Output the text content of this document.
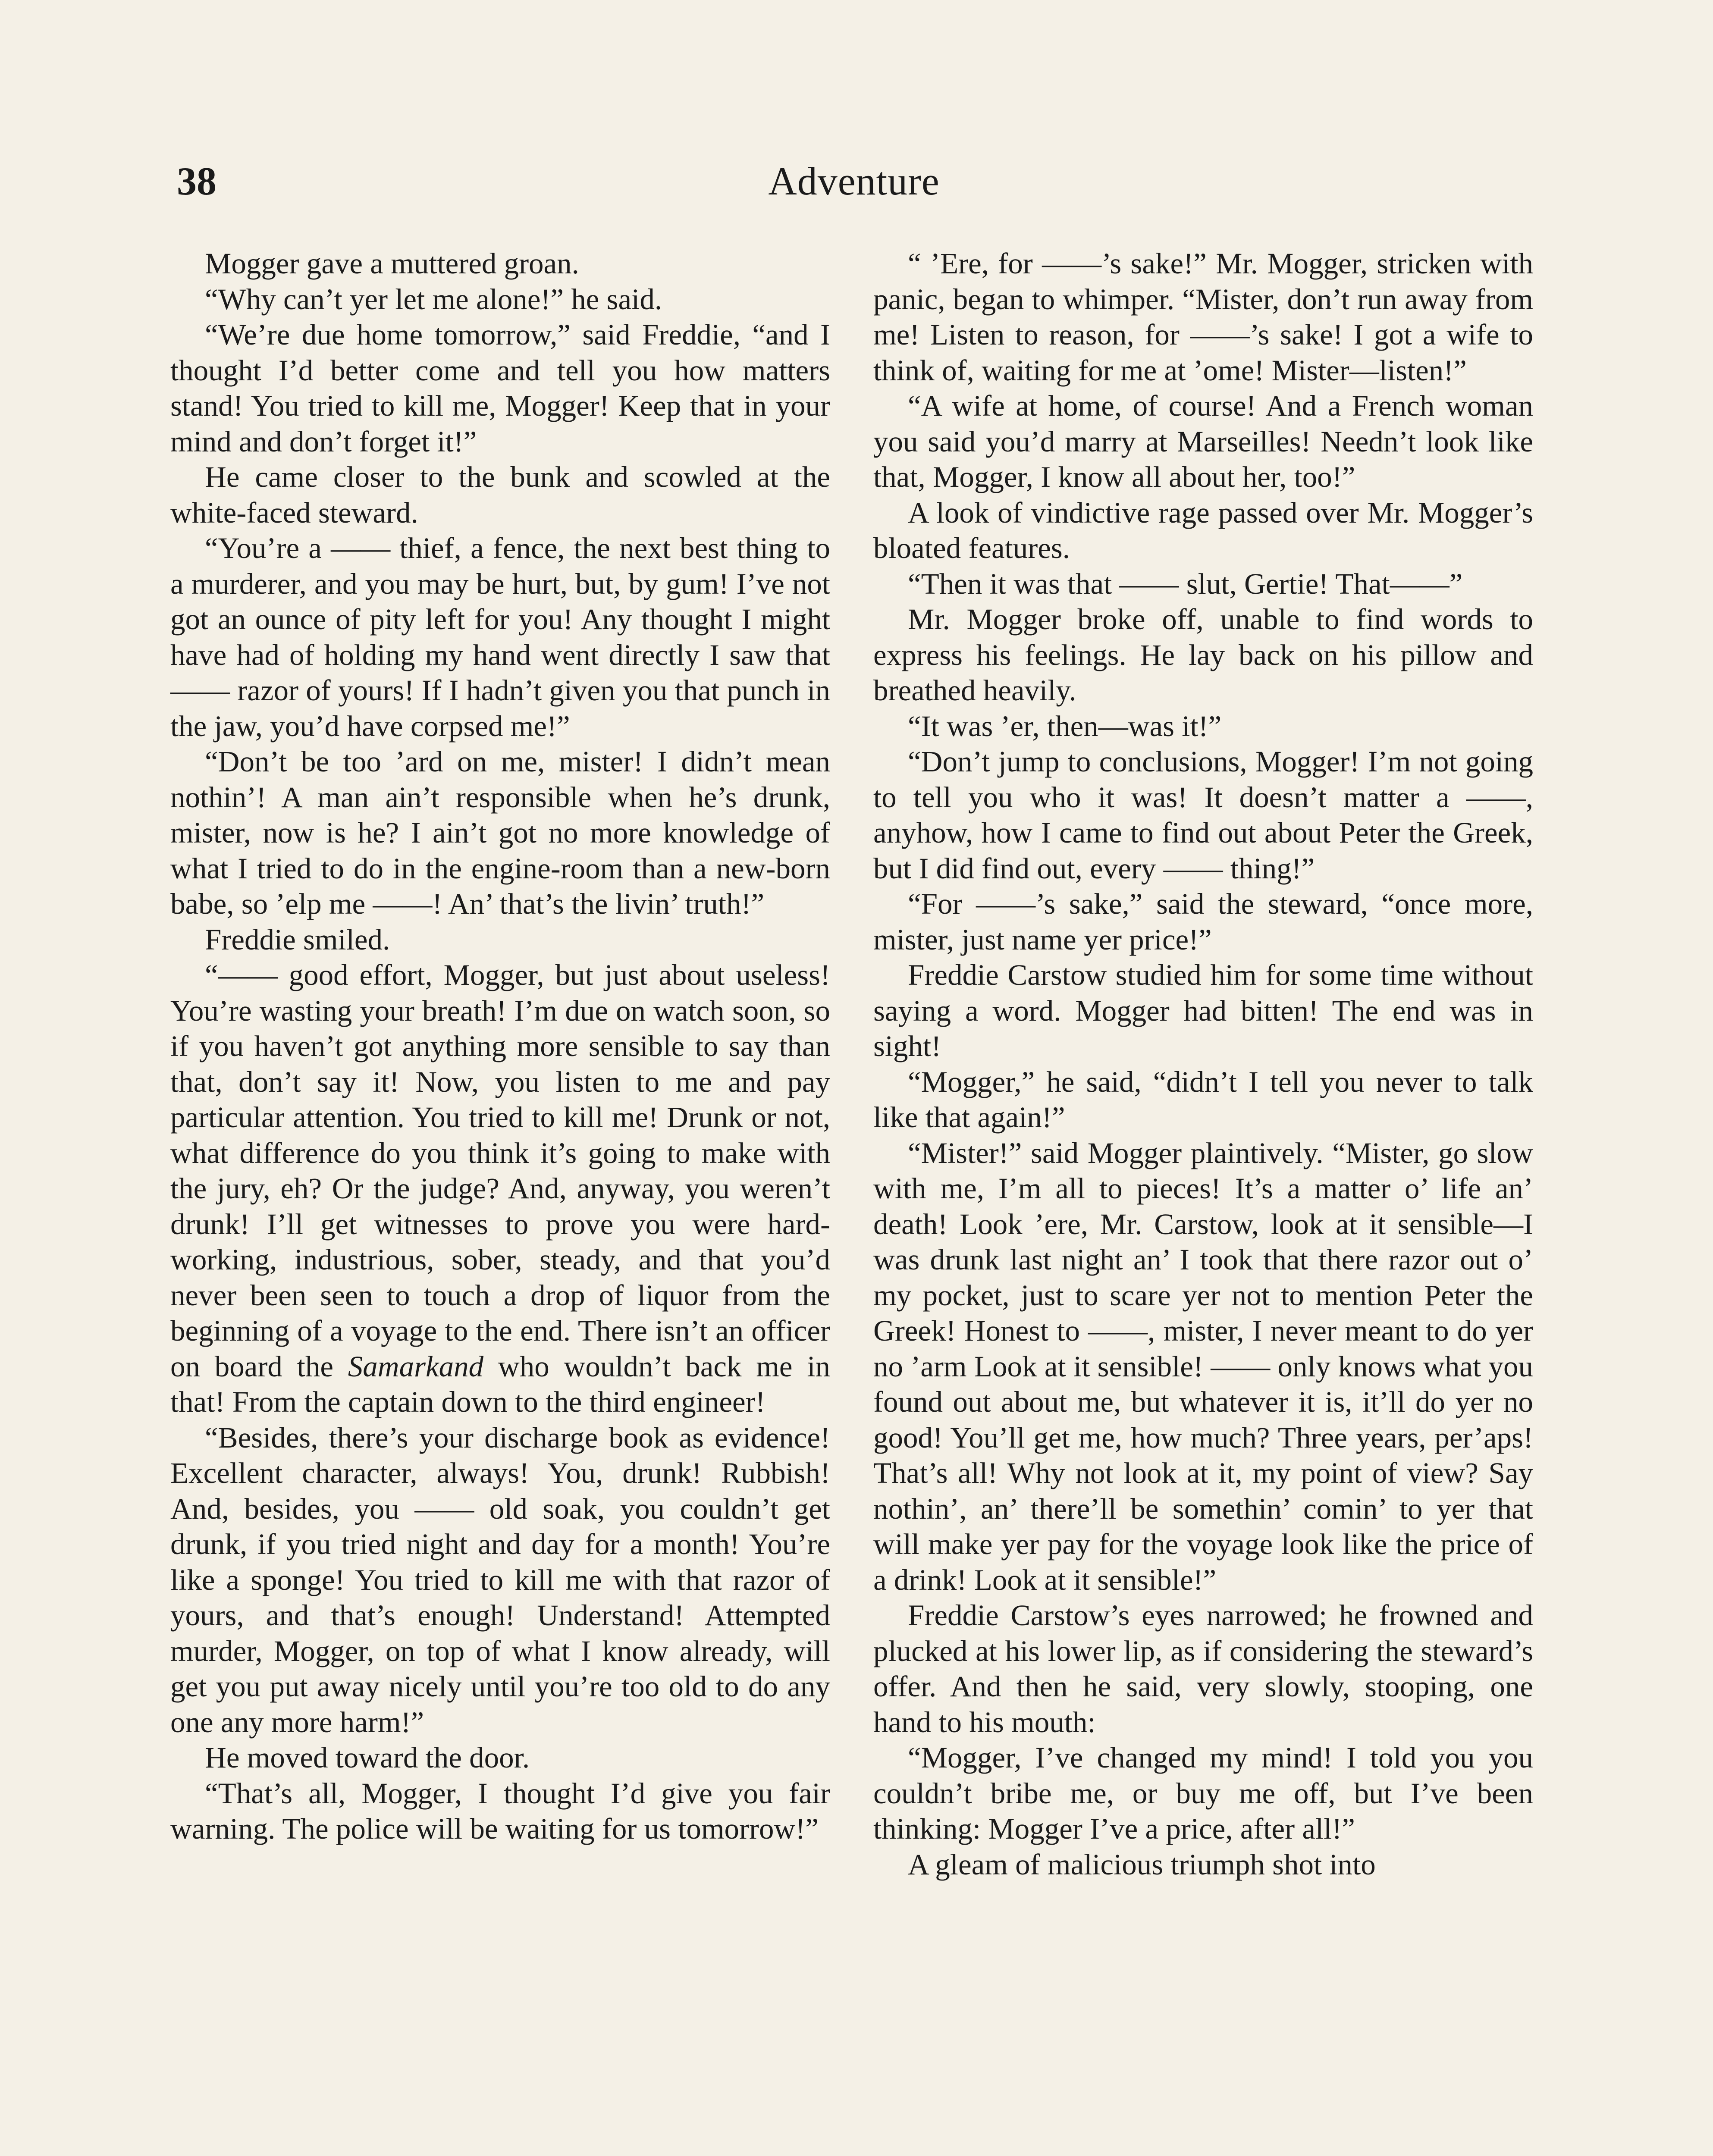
38	Adventure

Mogger gave a muttered groan.

“Why can’t yer let me alone!” he said.

“We’re due home tomorrow,” said Freddie, “and I thought I’d better come and tell you how matters stand! You tried to kill me, Mogger! Keep that in your mind and don’t forget it!”

He came closer to the bunk and scowled at the white-faced steward.

“You’re a —— thief, a fence, the next best thing to a murderer, and you may be hurt, but, by gum! I’ve not got an ounce of pity left for you! Any thought I might have had of holding my hand went directly I saw that —— razor of yours! If I hadn’t given you that punch in the jaw, you’d have corpsed me!”

“Don’t be too ’ard on me, mister! I didn’t mean nothin’! A man ain’t responsible when he’s drunk, mister, now is he? I ain’t got no more knowledge of what I tried to do in the engine-room than a new-born babe, so ’elp me ——! An’ that’s the livin’ truth!”

Freddie smiled.

“—— good effort, Mogger, but just about useless! You’re wasting your breath! I’m due on watch soon, so if you haven’t got anything more sensible to say than that, don’t say it! Now, you listen to me and pay particular attention. You tried to kill me! Drunk or not, what difference do you think it’s going to make with the jury, eh? Or the judge? And, anyway, you weren’t drunk! I’ll get witnesses to prove you were hard-working, industrious, sober, steady, and that you’d never been seen to touch a drop of liquor from the beginning of a voyage to the end. There isn’t an officer on board the Samarkand who wouldn’t back me in that! From the captain down to the third engineer!

“Besides, there’s your discharge book as evidence! Excellent character, always! You, drunk! Rubbish! And, besides, you —— old soak, you couldn’t get drunk, if you tried night and day for a month! You’re like a sponge! You tried to kill me with that razor of yours, and that’s enough! Understand! Attempted murder, Mogger, on top of what I know already, will get you put away nicely until you’re too old to do any one any more harm!”

He moved toward the door.

“That’s all, Mogger, I thought I’d give you fair warning. The police will be waiting for us tomorrow!”

“ ’Ere, for ——’s sake!” Mr. Mogger, stricken with panic, began to whimper. “Mister, don’t run away from me! Listen to reason, for ——’s sake! I got a wife to think of, waiting for me at ’ome! Mister—listen!”

“A wife at home, of course! And a French woman you said you’d marry at Marseilles! Needn’t look like that, Mogger, I know all about her, too!”

A look of vindictive rage passed over Mr. Mogger’s bloated features.

“Then it was that —— slut, Gertie! That——”

Mr. Mogger broke off, unable to find words to express his feelings. He lay back on his pillow and breathed heavily.

“It was ’er, then—was it!”

“Don’t jump to conclusions, Mogger! I’m not going to tell you who it was! It doesn’t matter a ——, anyhow, how I came to find out about Peter the Greek, but I did find out, every —— thing!”

“For ——’s sake,” said the steward, “once more, mister, just name yer price!”

Freddie Carstow studied him for some time without saying a word. Mogger had bitten! The end was in sight!

“Mogger,” he said, “didn’t I tell you never to talk like that again!”

“Mister!” said Mogger plaintively. “Mister, go slow with me, I’m all to pieces! It’s a matter o’ life an’ death! Look ’ere, Mr. Carstow, look at it sensible—I was drunk last night an’ I took that there razor out o’ my pocket, just to scare yer not to mention Peter the Greek! Honest to ——, mister, I never meant to do yer no ’arm Look at it sensible! —— only knows what you found out about me, but whatever it is, it’ll do yer no good! You’ll get me, how much? Three years, per’aps! That’s all! Why not look at it, my point of view? Say nothin’, an’ there’ll be somethin’ comin’ to yer that will make yer pay for the voyage look like the price of a drink! Look at it sensible!”

Freddie Carstow’s eyes narrowed; he frowned and plucked at his lower lip, as if considering the steward’s offer. And then he said, very slowly, stooping, one hand to his mouth:

“Mogger, I’ve changed my mind! I told you you couldn’t bribe me, or buy me off, but I’ve been thinking: Mogger I’ve a price, after all!”

A gleam of malicious triumph shot into
